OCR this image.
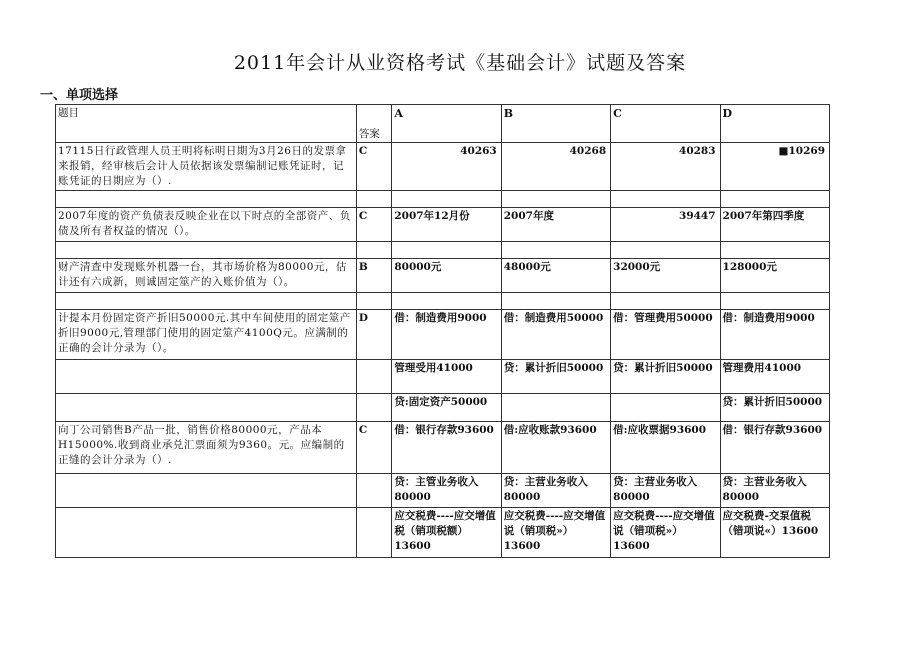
2011年会计从业资格考试《基础会计》试题及答案
一、单项选择
题目	答案	A	B	C	D
17115日行政管理人员王明将标明日期为3月26日的发票拿来报销，经审核后会计人员依据该发票编制记账凭证时，记账凭证的日期应为（）.	C	40263	40268	40283	■10269

2007年度的资产负债表反映企业在以下时点的全部资产、负债及所有者权益的情况（）。	C	2007年12月份	2007年度	39447	2007年第四季度

财产清查中发现账外机器一台，其市场价格为80000元，估计还有六成新，则诚固定筮产的入账价值为（）。	B	80000元	48000元	32000元	128000元

计提本月份固定资产折旧50000元.其中车间使用的固定筮产折旧9000元,管理部门使用的固定筮产4100Q元。应满制的正确的会计分录为（）。	D	借：制造费用9000	借：制造费用50000	借：管理费用50000	借：制造费用9000
		管理受用41000	贷：累计折旧50000	贷：累计折旧50000	管理费用41000
		贷:固定资产50000			贷：累计折旧50000
向丁公司销售B产品一批，销售价格80000元，产品本H15000%.收到商业承兑汇票面须为9360。元。应编制的正缝的会计分录为（）.	C	借：银行存款93600	借:应收账款93600	借:应收票据93600	借：银行存款93600
		贷：主管业务收入80000	贷：主营业务收入80000	贷：主营业务收入80000	贷：主营业务收入80000
		应交税费----应交增值税（销项税额）13600	应交税费----应交增值说（销项税»）13600	应交税费----应交增值说（错项税»）13600	应交税费-交泵值税（错项说«）13600
